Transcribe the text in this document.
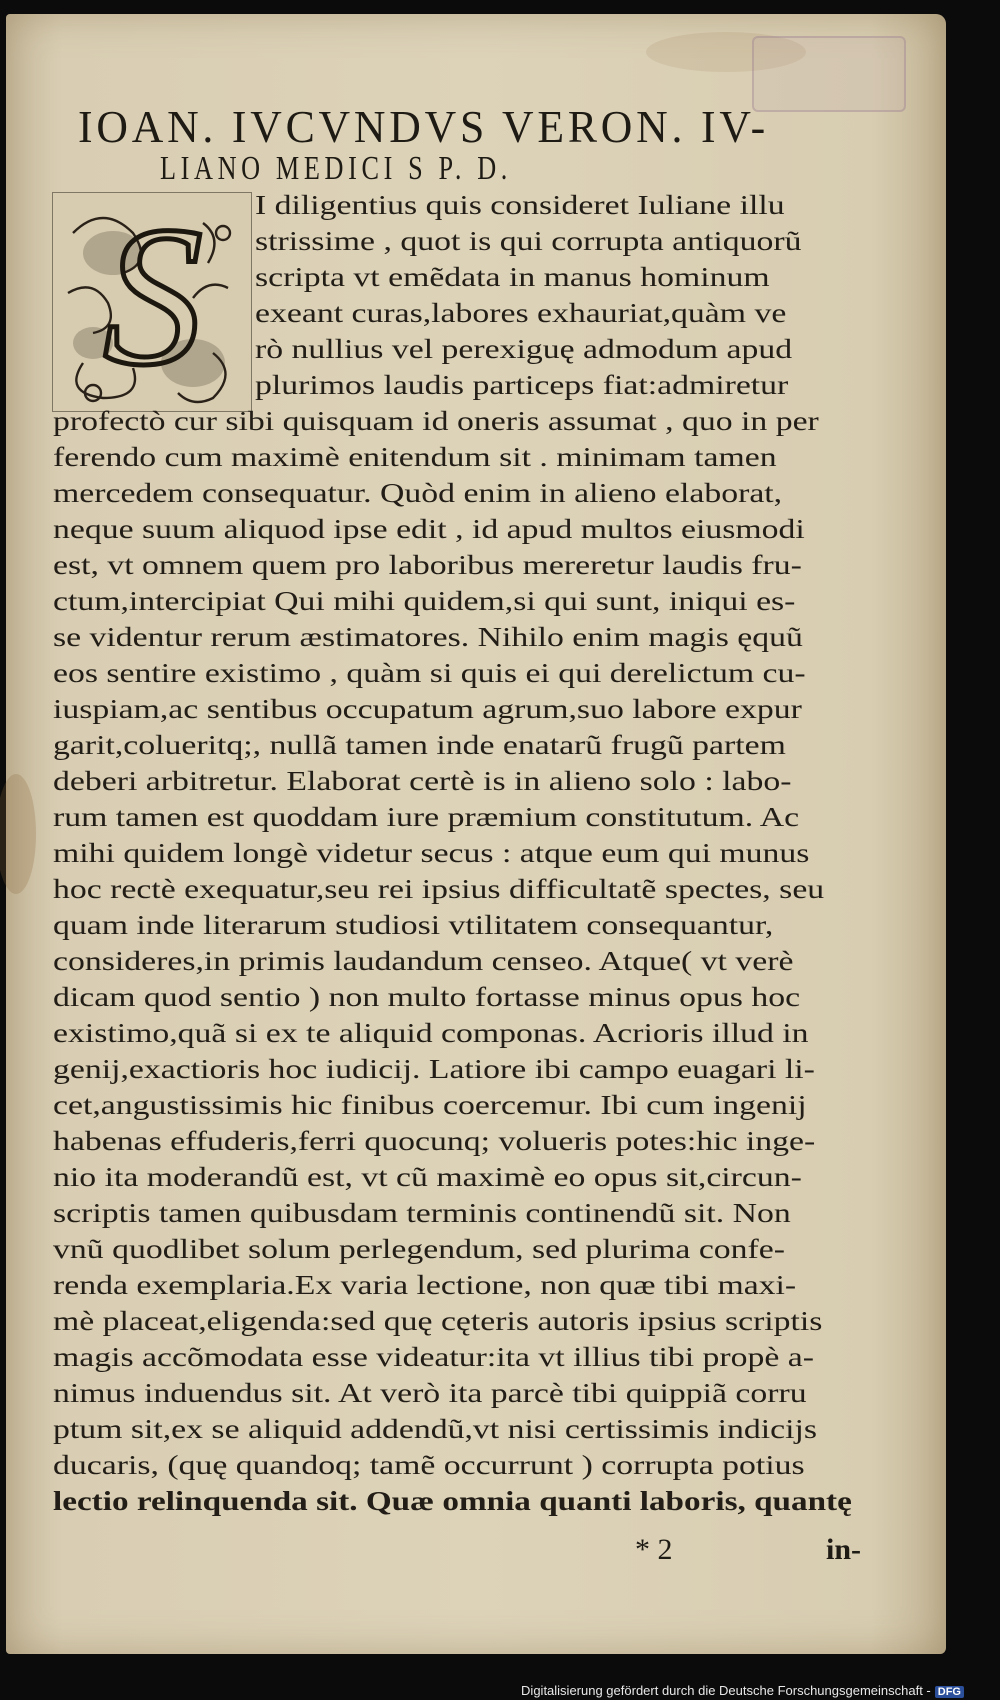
IOAN. IVCVNDVS VERON. IV-
LIANO MEDICI S P. D.
S I diligentius quis consideret Iuliane illu
strissime , quot is qui corrupta antiquorũ
scripta vt emẽdata in manus hominum
exeant curas,labores exhauriat,quàm ve
rò nullius vel perexiguę admodum apud
plurimos laudis particeps fiat:admiretur
profectò cur sibi quisquam id oneris assumat , quo in per
ferendo cum maximè enitendum sit . minimam tamen
mercedem consequatur. Quòd enim in alieno elaborat,
neque suum aliquod ipse edit , id apud multos eiusmodi
est, vt omnem quem pro laboribus mereretur laudis fru-
ctum,intercipiat Qui mihi quidem,si qui sunt, iniqui es-
se videntur rerum æstimatores. Nihilo enim magis ęquũ
eos sentire existimo , quàm si quis ei qui derelictum cu-
iuspiam,ac sentibus occupatum agrum,suo labore expur
garit,colueritq;, nullã tamen inde enatarũ frugũ partem
deberi arbitretur. Elaborat certè is in alieno solo : labo-
rum tamen est quoddam iure præmium constitutum. Ac
mihi quidem longè videtur secus : atque eum qui munus
hoc rectè exequatur,seu rei ipsius difficultatẽ spectes, seu
quam inde literarum studiosi vtilitatem consequantur,
consideres,in primis laudandum censeo. Atque( vt verè
dicam quod sentio ) non multo fortasse minus opus hoc
existimo,quã si ex te aliquid componas. Acrioris illud in
genij,exactioris hoc iudicij. Latiore ibi campo euagari li-
cet,angustissimis hic finibus coercemur. Ibi cum ingenij
habenas effuderis,ferri quocunq; volueris potes:hic inge-
nio ita moderandũ est, vt cũ maximè eo opus sit,circun-
scriptis tamen quibusdam terminis continendũ sit. Non
vnũ quodlibet solum perlegendum, sed plurima confe-
renda exemplaria.Ex varia lectione, non quæ tibi maxi-
mè placeat,eligenda:sed quę cęteris autoris ipsius scriptis
magis accõmodata esse videatur:ita vt illius tibi propè a-
nimus induendus sit. At verò ita parcè tibi quippiã corru
ptum sit,ex se aliquid addendũ,vt nisi certissimis indicijs
ducaris, (quę quandoq; tamẽ occurrunt ) corrupta potius
lectio relinquenda sit. Quæ omnia quanti laboris, quantę
* 2	in-
Digitalisierung gefördert durch die Deutsche Forschungsgemeinschaft - DFG
